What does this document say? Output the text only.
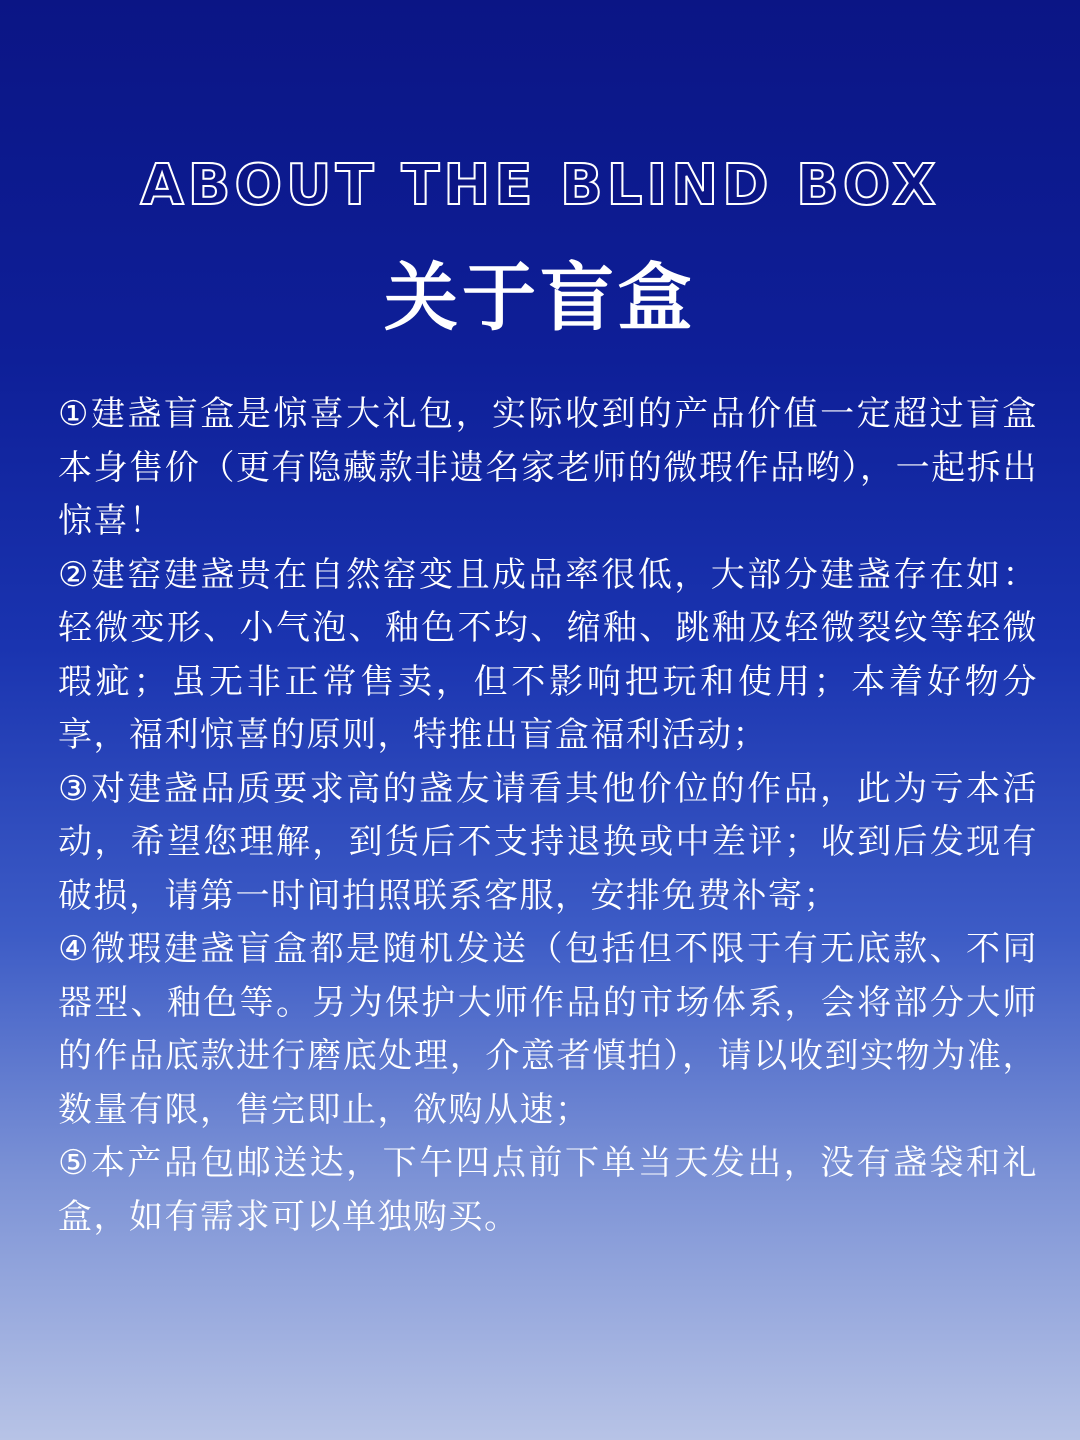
ABOUT THE BLIND BOX
关于盲盒

①建盏盲盒是惊喜大礼包，实际收到的产品价值一定超过盲盒本身售价（更有隐藏款非遗名家老师的微瑕作品哟），一起拆出惊喜！

②建窑建盏贵在自然窑变且成品率很低，大部分建盏存在如：轻微变形、小气泡、釉色不均、缩釉、跳釉及轻微裂纹等轻微瑕疵；虽无非正常售卖，但不影响把玩和使用；本着好物分享，福利惊喜的原则，特推出盲盒福利活动；

③对建盏品质要求高的盏友请看其他价位的作品，此为亏本活动，希望您理解，到货后不支持退换或中差评；收到后发现有破损，请第一时间拍照联系客服，安排免费补寄；

④微瑕建盏盲盒都是随机发送（包括但不限于有无底款、不同器型、釉色等。另为保护大师作品的市场体系，会将部分大师的作品底款进行磨底处理，介意者慎拍），请以收到实物为准，数量有限，售完即止，欲购从速；

⑤本产品包邮送达，下午四点前下单当天发出，没有盏袋和礼盒，如有需求可以单独购买。
